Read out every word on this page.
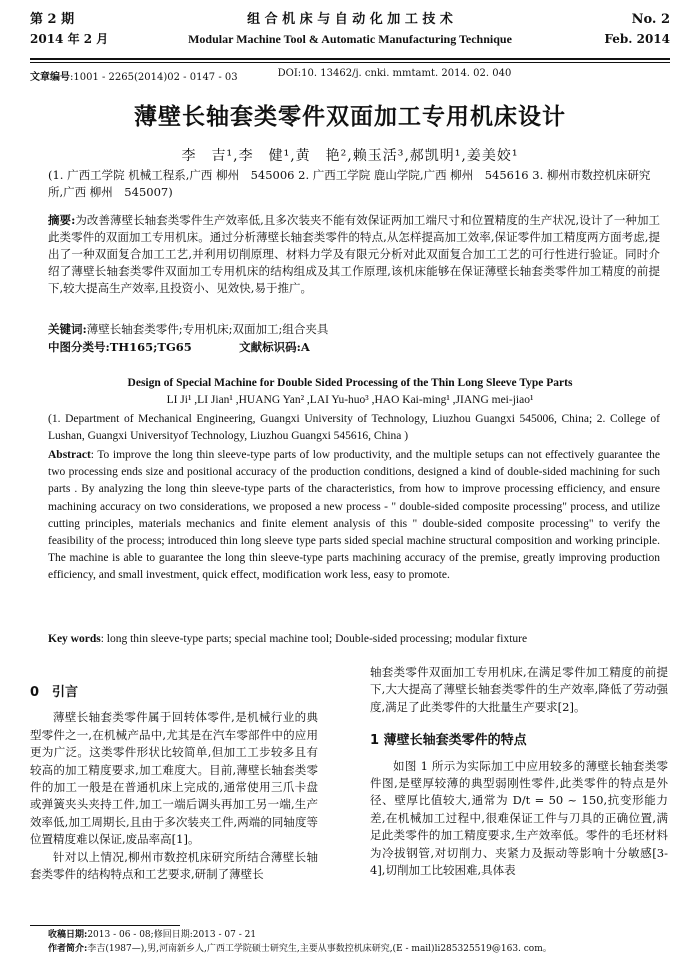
第 2 期	组 合 机 床 与 自 动 化 加 工 技 术	No. 2
2014 年 2 月	Modular Machine Tool & Automatic Manufacturing Technique	Feb. 2014
文章编号:1001 - 2265(2014)02 - 0147 - 03	DOI:10. 13462/j. cnki. mmtamt. 2014. 02. 040
薄壁长轴套类零件双面加工专用机床设计
李　吉¹,李　健¹,黄　艳²,赖玉活³,郝凯明¹,姜美姣¹
(1. 广西工学院 机械工程系,广西 柳州　545006 2. 广西工学院 鹿山学院,广西 柳州　545616 3. 柳州市数控机床研究所,广西 柳州　545007)
摘要:为改善薄壁长轴套类零件生产效率低,且多次装夹不能有效保证两加工端尺寸和位置精度的生产状况,设计了一种加工此类零件的双面加工专用机床。通过分析薄壁长轴套类零件的特点,从怎样提高加工效率,保证零件加工精度两方面考虑,提出了一种双面复合加工工艺,并利用切削原理、材料力学及有限元分析对此双面复合加工工艺的可行性进行验证。同时介绍了薄壁长轴套类零件双面加工专用机床的结构组成及其工作原理,该机床能够在保证薄壁长轴套类零件加工精度的前提下,较大提高生产效率,且投资小、见效快,易于推广。
关键词:薄壁长轴套类零件;专用机床;双面加工;组合夹具
中图分类号:TH165;TG65	文献标识码:A
Design of Special Machine for Double Sided Processing of the Thin Long Sleeve Type Parts
LI Ji¹ ,LI Jian¹ ,HUANG Yan² ,LAI Yu-huo³ ,HAO Kai-ming¹ ,JIANG mei-jiao¹
(1. Department of Mechanical Engineering, Guangxi University of Technology, Liuzhou Guangxi 545006, China; 2. College of Lushan, Guangxi Universityof Technology, Liuzhou Guangxi 545616, China )
Abstract: To improve the long thin sleeve-type parts of low productivity, and the multiple setups can not effectively guarantee the two processing ends size and positional accuracy of the production conditions, designed a kind of double-sided machining for such parts . By analyzing the long thin sleeve-type parts of the characteristics, from how to improve processing efficiency, and ensure machining accuracy on two considerations, we proposed a new process - " double-sided composite processing" process, and utilize cutting principles, materials mechanics and finite element analysis of this " double-sided composite processing" to verify the feasibility of the process; introduced thin long sleeve type parts sided special machine structural composition and working principle. The machine is able to guarantee the long thin sleeve-type parts machining accuracy of the premise, greatly improving production efficiency, and small investment, quick effect, modification work less, easy to promote.
Key words: long thin sleeve-type parts; special machine tool; Double-sided processing; modular fixture
0　引言

薄壁长轴套类零件属于回转体零件,是机械行业的典型零件之一,在机械产品中,尤其是在汽车零部件中的应用更为广泛。这类零件形状比较简单,但加工工步较多且有较高的加工精度要求,加工难度大。目前,薄壁长轴套类零件的加工一般是在普通机床上完成的,通常使用三爪卡盘或弹簧夹头夹持工件,加工一端后调头再加工另一端,生产效率低,加工周期长,且由于多次装夹工件,两端的同轴度等位置精度难以保证,废品率高[1]。

针对以上情况,柳州市数控机床研究所结合薄壁长轴套类零件的结构特点和工艺要求,研制了薄壁长

轴套类零件双面加工专用机床,在满足零件加工精度的前提下,大大提高了薄壁长轴套类零件的生产效率,降低了劳动强度,满足了此类零件的大批量生产要求[2]。

1 薄壁长轴套类零件的特点

如图 1 所示为实际加工中应用较多的薄壁长轴套类零件图,是壁厚较薄的典型弱刚性零件,此类零件的特点是外径、壁厚比值较大,通常为 D/t = 50 ~ 150,抗变形能力差,在机械加工过程中,很难保证工件与刀具的正确位置,满足此类零件的加工精度要求,生产效率低。零件的毛坯材料为冷拔钢管,对切削力、夹紧力及振动等影响十分敏感[3-4],切削加工比较困难,具体表

收稿日期:2013 - 06 - 08;修回日期:2013 - 07 - 21
作者简介:李吉(1987—),男,河南新乡人,广西工学院硕士研究生,主要从事数控机床研究,(E - mail)li285325519@163. com。
